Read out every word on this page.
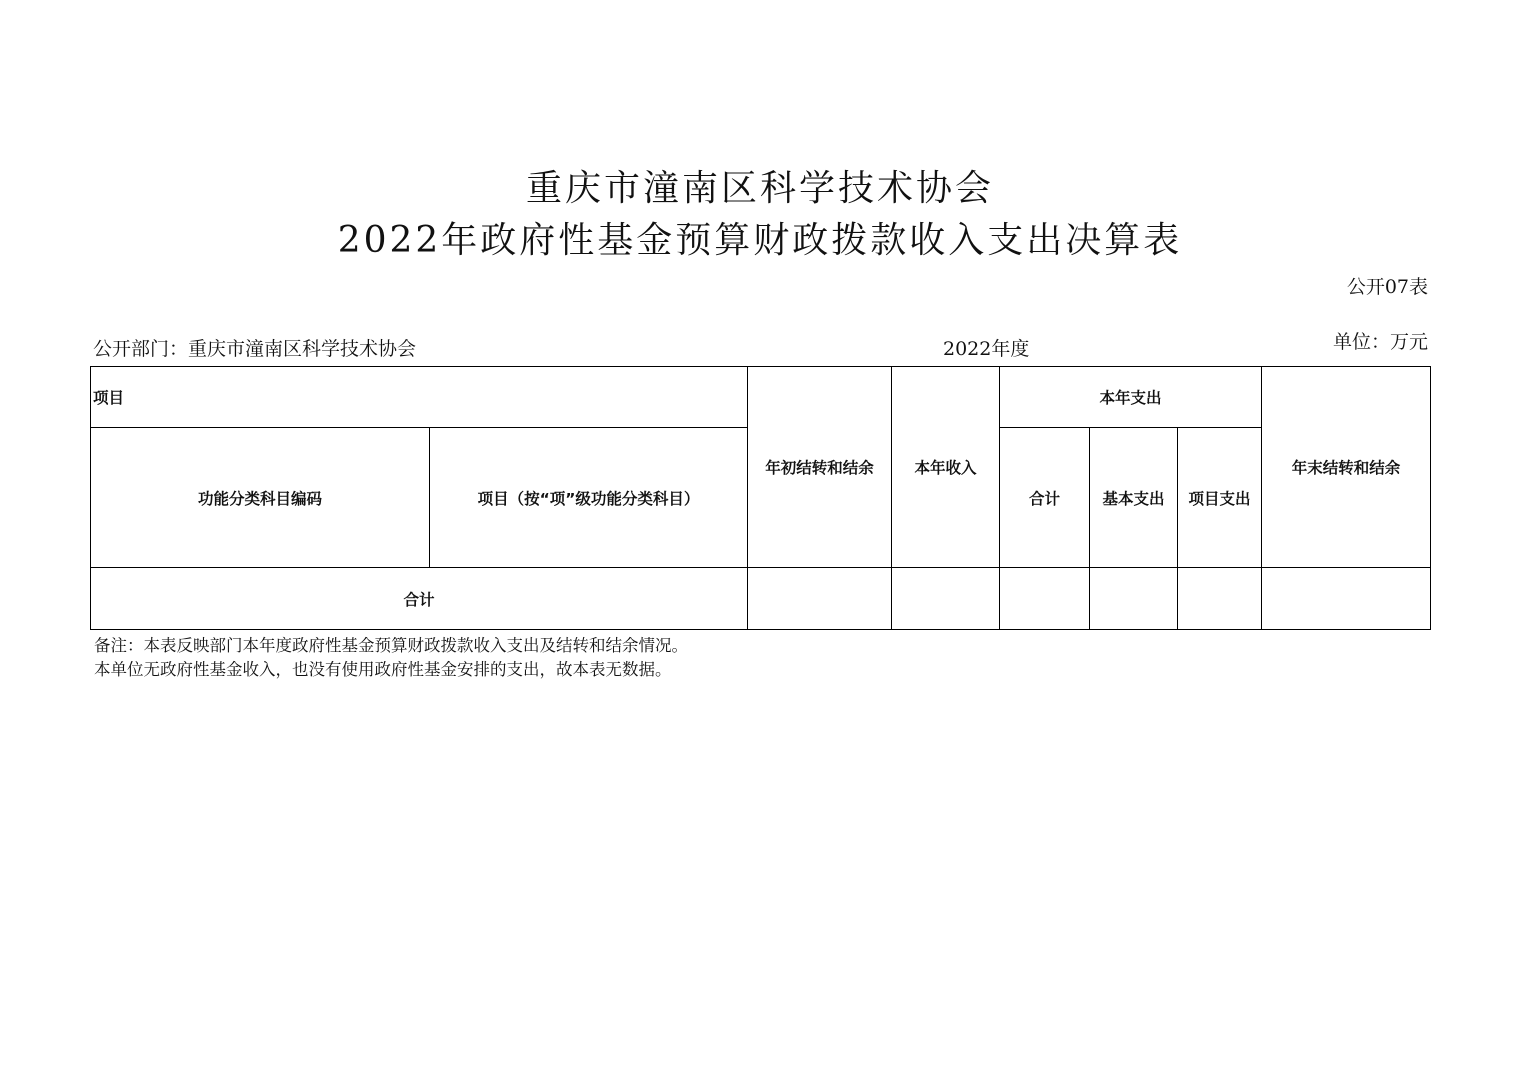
重庆市潼南区科学技术协会
2022年政府性基金预算财政拨款收入支出决算表
公开07表
公开部门：重庆市潼南区科学技术协会	2022年度	单位：万元
项目		年初结转和结余	本年收入	本年支出			年末结转和结余
功能分类科目编码	项目（按“项”级功能分类科目）			合计	基本支出	项目支出	
合计							
备注：本表反映部门本年度政府性基金预算财政拨款收入支出及结转和结余情况。
本单位无政府性基金收入，也没有使用政府性基金安排的支出，故本表无数据。
